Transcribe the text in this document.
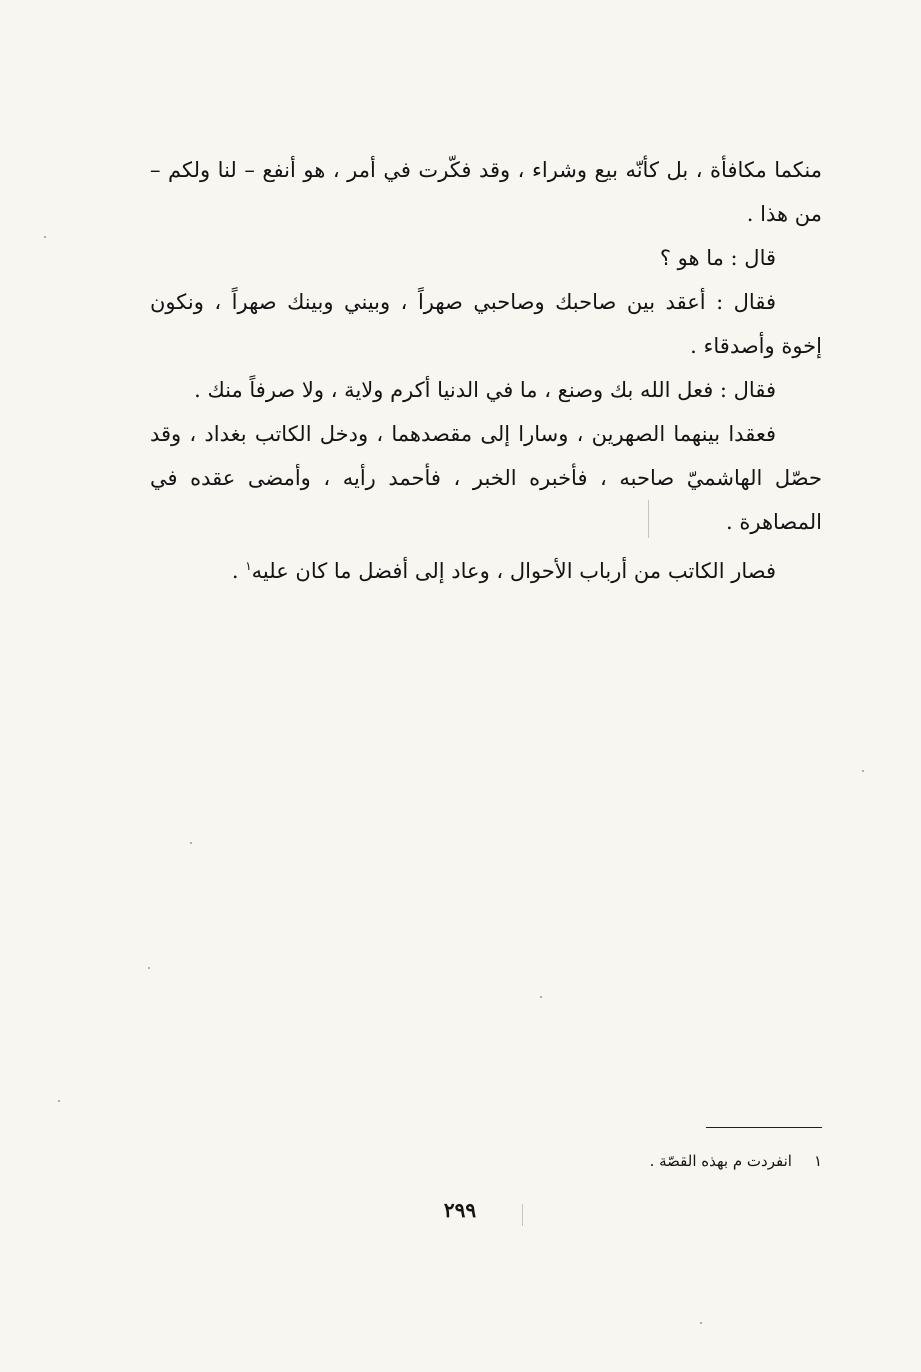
منكما مكافأة ، بل كأنّه بيع وشراء ، وقد فكّرت في أمر ، هو أنفع – لنا ولكم – من هذا .

قال : ما هو ؟

فقال : أعقد بين صاحبك وصاحبي صهراً ، وبيني وبينك صهراً ، ونكون إخوة وأصدقاء .

فقال : فعل الله بك وصنع ، ما في الدنيا أكرم ولاية ، ولا صرفاً منك .

فعقدا بينهما الصهرين ، وسارا إلى مقصدهما ، ودخل الكاتب بغداد ، وقد حصّل الهاشميّ صاحبه ، فأخبره الخبر ، فأحمد رأيه ، وأمضى عقده في المصاهرة .

فصار الكاتب من أرباب الأحوال ، وعاد إلى أفضل ما كان عليه$^١$ .

١انفردت م بهذه القصّة .
٢٩٩
